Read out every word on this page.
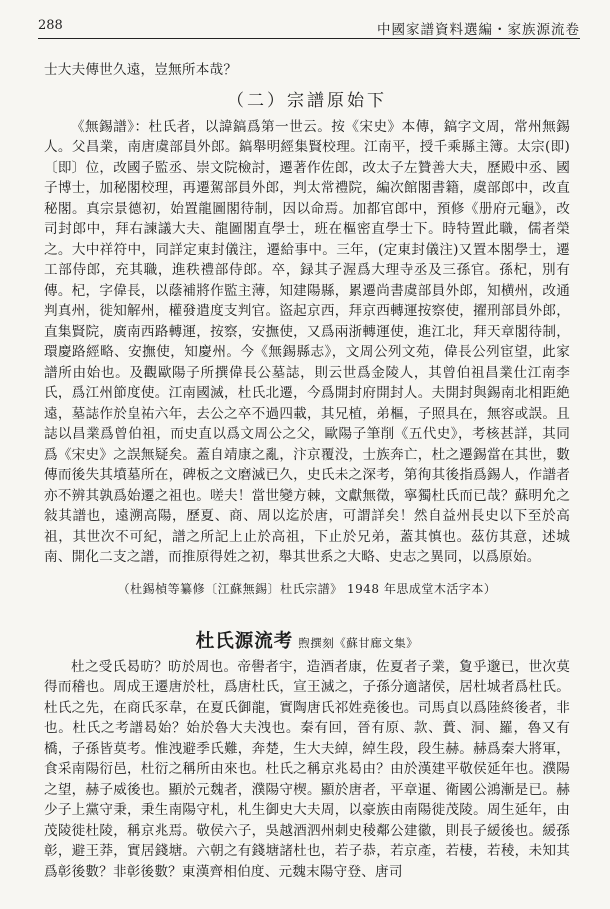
288	中國家譜資料選編・家族源流卷

士大夫傳世久遠，豈無所本哉？

（二）宗譜原始下

《無錫譜》：杜氏者，以諱鎬爲第一世云。按《宋史》本傳，鎬字文周，常州無錫人。父昌業，南唐虞部員外郎。鎬舉明經集賢校理。江南平，授千乘縣主簿。太宗(即)〔即〕位，改國子監丞、崇文院檢討，遷著作佐郎，改太子左贊善大夫，歷殿中丞、國子博士，加秘閣校理，再遷駕部員外郎，判太常禮院，編次館閣書籍，虞部郎中，改直秘閣。真宗景德初，始置龍圖閣待制，因以命焉。加都官郎中，預修《册府元龜》，改司封郎中，拜右諫議大夫、龍圖閣直學士，班在樞密直學士下。時特置此職，儒者榮之。大中祥符中，同詳定東封儀注，遷給事中。三年，(定東封儀注)又置本閣學士，遷工部侍郎，充其職，進秩禮部侍郎。卒，録其子渥爲大理寺丞及三孫官。孫杞，別有傳。杞，字偉長，以蔭補將作監主薄，知建陽縣，累遷尚書虞部員外郎，知横州，改通判真州，徙知解州，權發遣度支判官。盜起京西，拜京西轉運按察使，擢刑部員外郎，直集賢院，廣南西路轉運，按察，安撫使，又爲兩浙轉運使，進江北，拜天章閣待制，環慶路經略、安撫使，知慶州。今《無錫縣志》，文周公列文苑，偉長公列宦望，此家譜所由始也。及觀歐陽子所撰偉長公墓誌，則云世爲金陵人，其曾伯祖昌業仕江南李氏，爲江州節度使。江南國滅，杜氏北遷，今爲開封府開封人。夫開封與錫南北相距絶遠，墓誌作於皇祐六年，去公之卒不過四載，其兄植，弟樞，子照具在，無容或誤。且誌以昌業爲曾伯祖，而史直以爲文周公之父，歐陽子筆削《五代史》，考核甚詳，其同爲《宋史》之誤無疑矣。蓋自靖康之亂，汴京覆没，士族奔亡，杜之遷錫當在其世，數傳而後失其墳墓所在，碑板之文磨滅已久，史氏未之深考，第徇其後指爲錫人，作譜者亦不辨其孰爲始遷之祖也。嗟夫！當世變方棘，文獻無徵，寧獨杜氏而已哉？蘇明允之敍其譜也，遠溯高陽，歷夏、商、周以迄於唐，可謂詳矣！然自益州長史以下至於高祖，其世次不可紀，譜之所記上止於高祖，下止於兄弟，蓋其慎也。茲仿其意，述城南、開化二支之譜，而推原得姓之初，舉其世系之大略、史志之異同，以爲原始。

（杜錫楨等纂修〔江蘇無錫〕杜氏宗譜》 1948 年思成堂木活字本）

杜氏源流考 煦撰刻《蘇甘廊文集》

杜之受氏曷昉？昉於周也。帝嚳者宇，造酒者康，佐夏者子業，夐乎邈已，世次莫得而稽也。周成王遷唐於杜，爲唐杜氏，宣王滅之，子孫分適諸侯，居杜城者爲杜氏。杜氏之先，在商氏豕韋，在夏氏御龍，實陶唐氏祁姓堯後也。司馬貞以爲陸終後者，非也。杜氏之考譜曷始？始於魯大夫洩也。秦有回，晉有原、款、蕢、洞、羅，魯又有橋，子孫皆莫考。惟洩避季氏難，奔楚，生大夫綽，綽生段，段生赫。赫爲秦大將軍，食采南陽衍邑，杜衍之稱所由來也。杜氏之稱京兆曷由？由於漢建平敬侯延年也。濮陽之望，赫子威後也。顯於元魏者，濮陽守楔。顯於唐者，平章暹、衛國公鴻漸是已。赫少子上黨守秉，秉生南陽守札，札生御史大夫周，以豪族由南陽徙茂陵。周生延年，由茂陵徙杜陵，稱京兆焉。敬侯六子，吳越酒泗州刺史稜鄰公建徽，則長子緩後也。緩孫彰，避王莽，實居錢塘。六朝之有錢塘諸杜也，若子恭，若京產，若棲，若稜，未知其爲彰後數？非彰後數？東漢齊相伯度、元魏末陽守登、唐司
